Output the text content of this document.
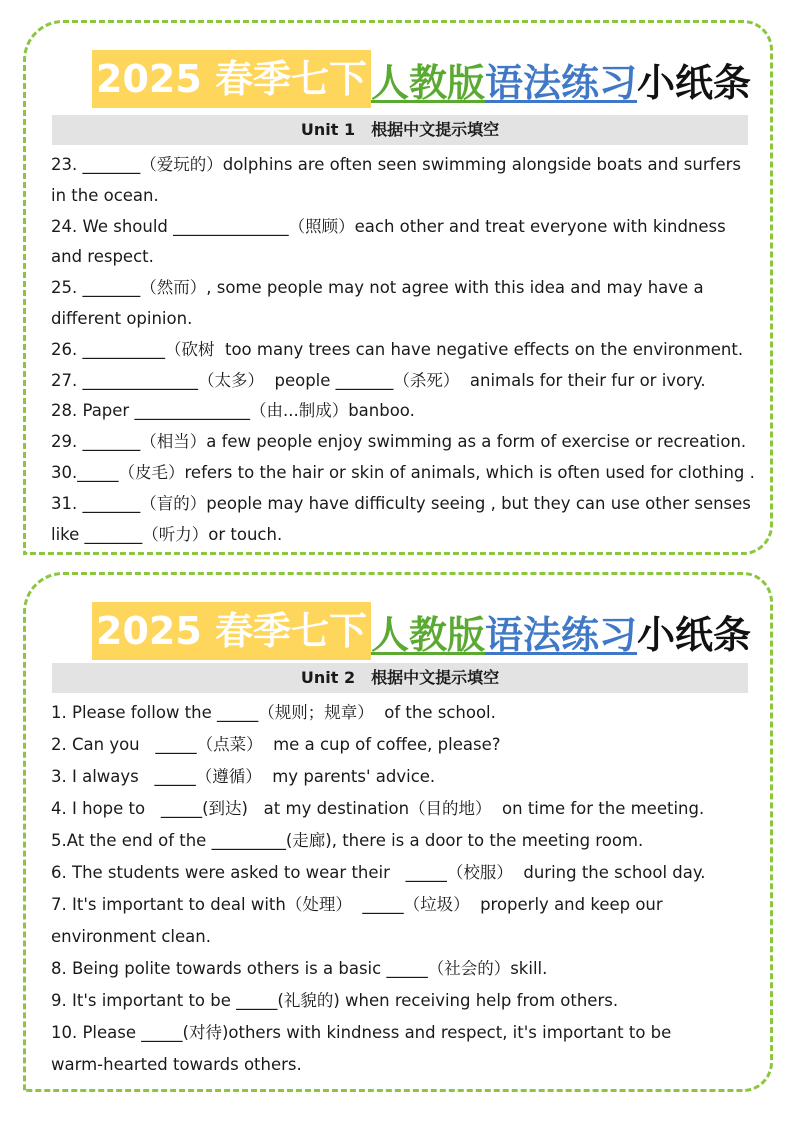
2025 春季七下 人教版 语法练习 小纸条
Unit 1　根据中文提示填空
23. _______（爱玩的）dolphins are often seen swimming alongside boats and surfers
in the ocean.
24. We should ______________（照顾）each other and treat everyone with kindness
and respect.
25. _______（然而）, some people may not agree with this idea and may have a
different opinion.
26. __________（砍树  too many trees can have negative effects on the environment.
27. ______________（太多）  people _______（杀死）  animals for their fur or ivory.
28. Paper ______________（由...制成）banboo.
29. _______（相当）a few people enjoy swimming as a form of exercise or recreation.
30._____（皮毛）refers to the hair or skin of animals, which is often used for clothing .
31. _______（盲的）people may have difficulty seeing , but they can use other senses
like _______（听力）or touch.
2025 春季七下 人教版 语法练习 小纸条
Unit 2　根据中文提示填空
1. Please follow the _____（规则；规章）  of the school.
2. Can you   _____（点菜）  me a cup of coffee, please?
3. I always   _____（遵循）  my parents' advice.
4. I hope to   _____(到达)   at my destination（目的地）  on time for the meeting.
5.At the end of the _________(走廊), there is a door to the meeting room.
6. The students were asked to wear their   _____（校服）  during the school day.
7. It's important to deal with（处理）  _____（垃圾）  properly and keep our
environment clean.
8. Being polite towards others is a basic _____（社会的）skill.
9. It's important to be _____(礼貌的) when receiving help from others.
10. Please _____(对待)others with kindness and respect, it's important to be
warm-hearted towards others.
